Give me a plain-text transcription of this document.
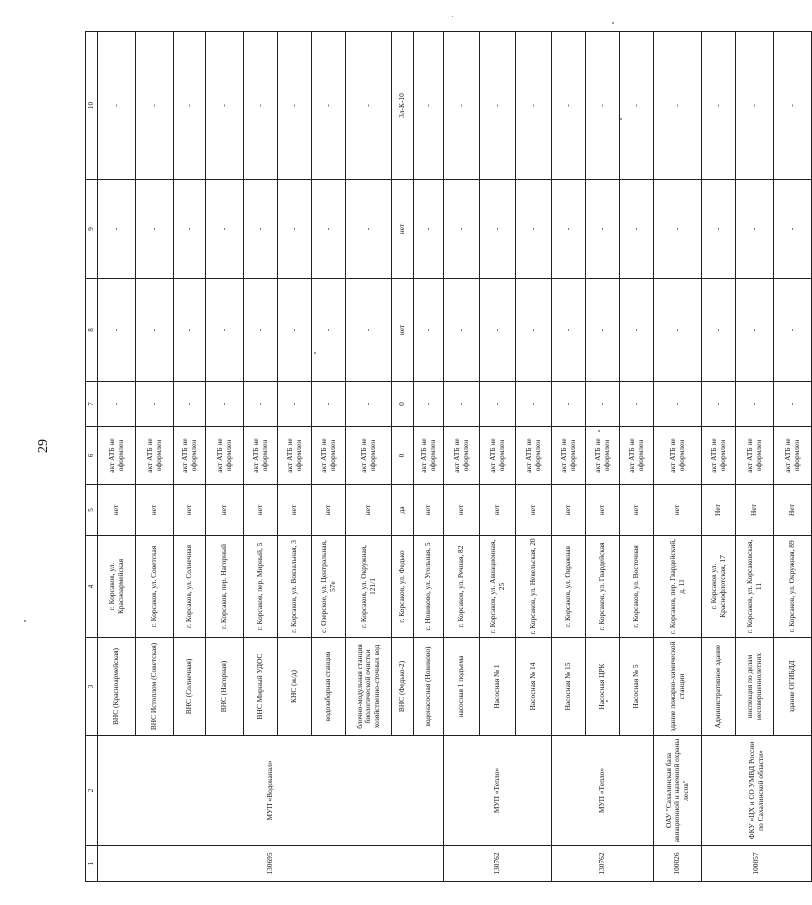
29
1	2	3	4	5	6	7	8	9	10
130695	МУП «Водоканал»	ВНС (Красноармейская)	г. Корсаков, ул. Красноармейская	нет	акт АТБ не оформлен	-	-	-	-
		ВНС Истоплом (Советская)	г. Корсаков, ул. Советская	нет	акт АТБ не оформлен	-	-	-	-
		ВНС (Солнечная)	г. Корсаков, ул. Солнечная	нет	акт АТБ не оформлен	-	-	-	-
		ВНС (Нагорная)	г. Корсаков, пер. Нагорный	нет	акт АТБ не оформлен	-	-	-	-
		ВНС Мирный УДОС	г. Корсаков, пер. Мирный, 5	нет	акт АТБ не оформлен	-	-	-	-
		КНС (ж/д)	г. Корсаков, ул. Вокзальная, 3	нет	акт АТБ не оформлен	-	-	-	-
		водозаборная станция	с. Озерское, ул. Центральная, 57е	нет	акт АТБ не оформлен	-	-	-	-
		блочно-модульная станция биологической очистки хозяйственно-сточных вод	г. Корсаков, ул. Окружная, 121/1	нет	акт АТБ не оформлен	-	-	-	-
		ВНС (Федько-2)	г. Корсаков, ул. Федько	да	0	0	нет	нет	3л-К-10
		водонасосная (Новиково)	с. Новиково, ул. Угольная, 5	нет	акт АТБ не оформлен	-	-	-	-
130762	МУП «Тепло»	насосная 1 подъема	г. Корсаков, ул. Речная, 82	нет	акт АТБ не оформлен	-	-	-	-
		Насосная № 1	г. Корсаков, ул. Авиационная, 25	нет	акт АТБ не оформлен	-	-	-	-
		Насосная № 14	г. Корсаков, ул. Невельская, 20	нет	акт АТБ не оформлен	-	-	-	-
130762	МУП «Тепло»	Насосная № 15	г. Корсаков, ул. Овражная	нет	акт АТБ не оформлен	-	-	-	-
		Насосная ЦРК	г. Корсаков, ул. Гвардейская	нет	акт АТБ не оформлен	-	-	-	-
		Насосная № 5	г. Корсаков, ул. Восточная	нет	акт АТБ не оформлен	-	-	-	-
100026	ОАУ "Сахалинская база авиационной и наземной охраны лесов"	здание пожарно-химической станции	г. Корсаков, пер. Гвардейский, д. 11	нет	акт АТБ не оформлен	-	-	-	-
100057	ФКУ «ЦХ и СО УМВД России по Сахалинской области»	Административное здание	г. Корсаков ул. Краснофлотская, 17	Нет	акт АТБ не оформлен	-	-	-	-
		инспекция по делам несовершеннолетних	г. Корсаков, ул. Корсаковская, 11	Нет	акт АТБ не оформлен	-	-	-	-
		здание ОГИБДД	г. Корсаков, ул. Окружная, 89	Нет	акт АТБ не оформлен	-	-	-	-
